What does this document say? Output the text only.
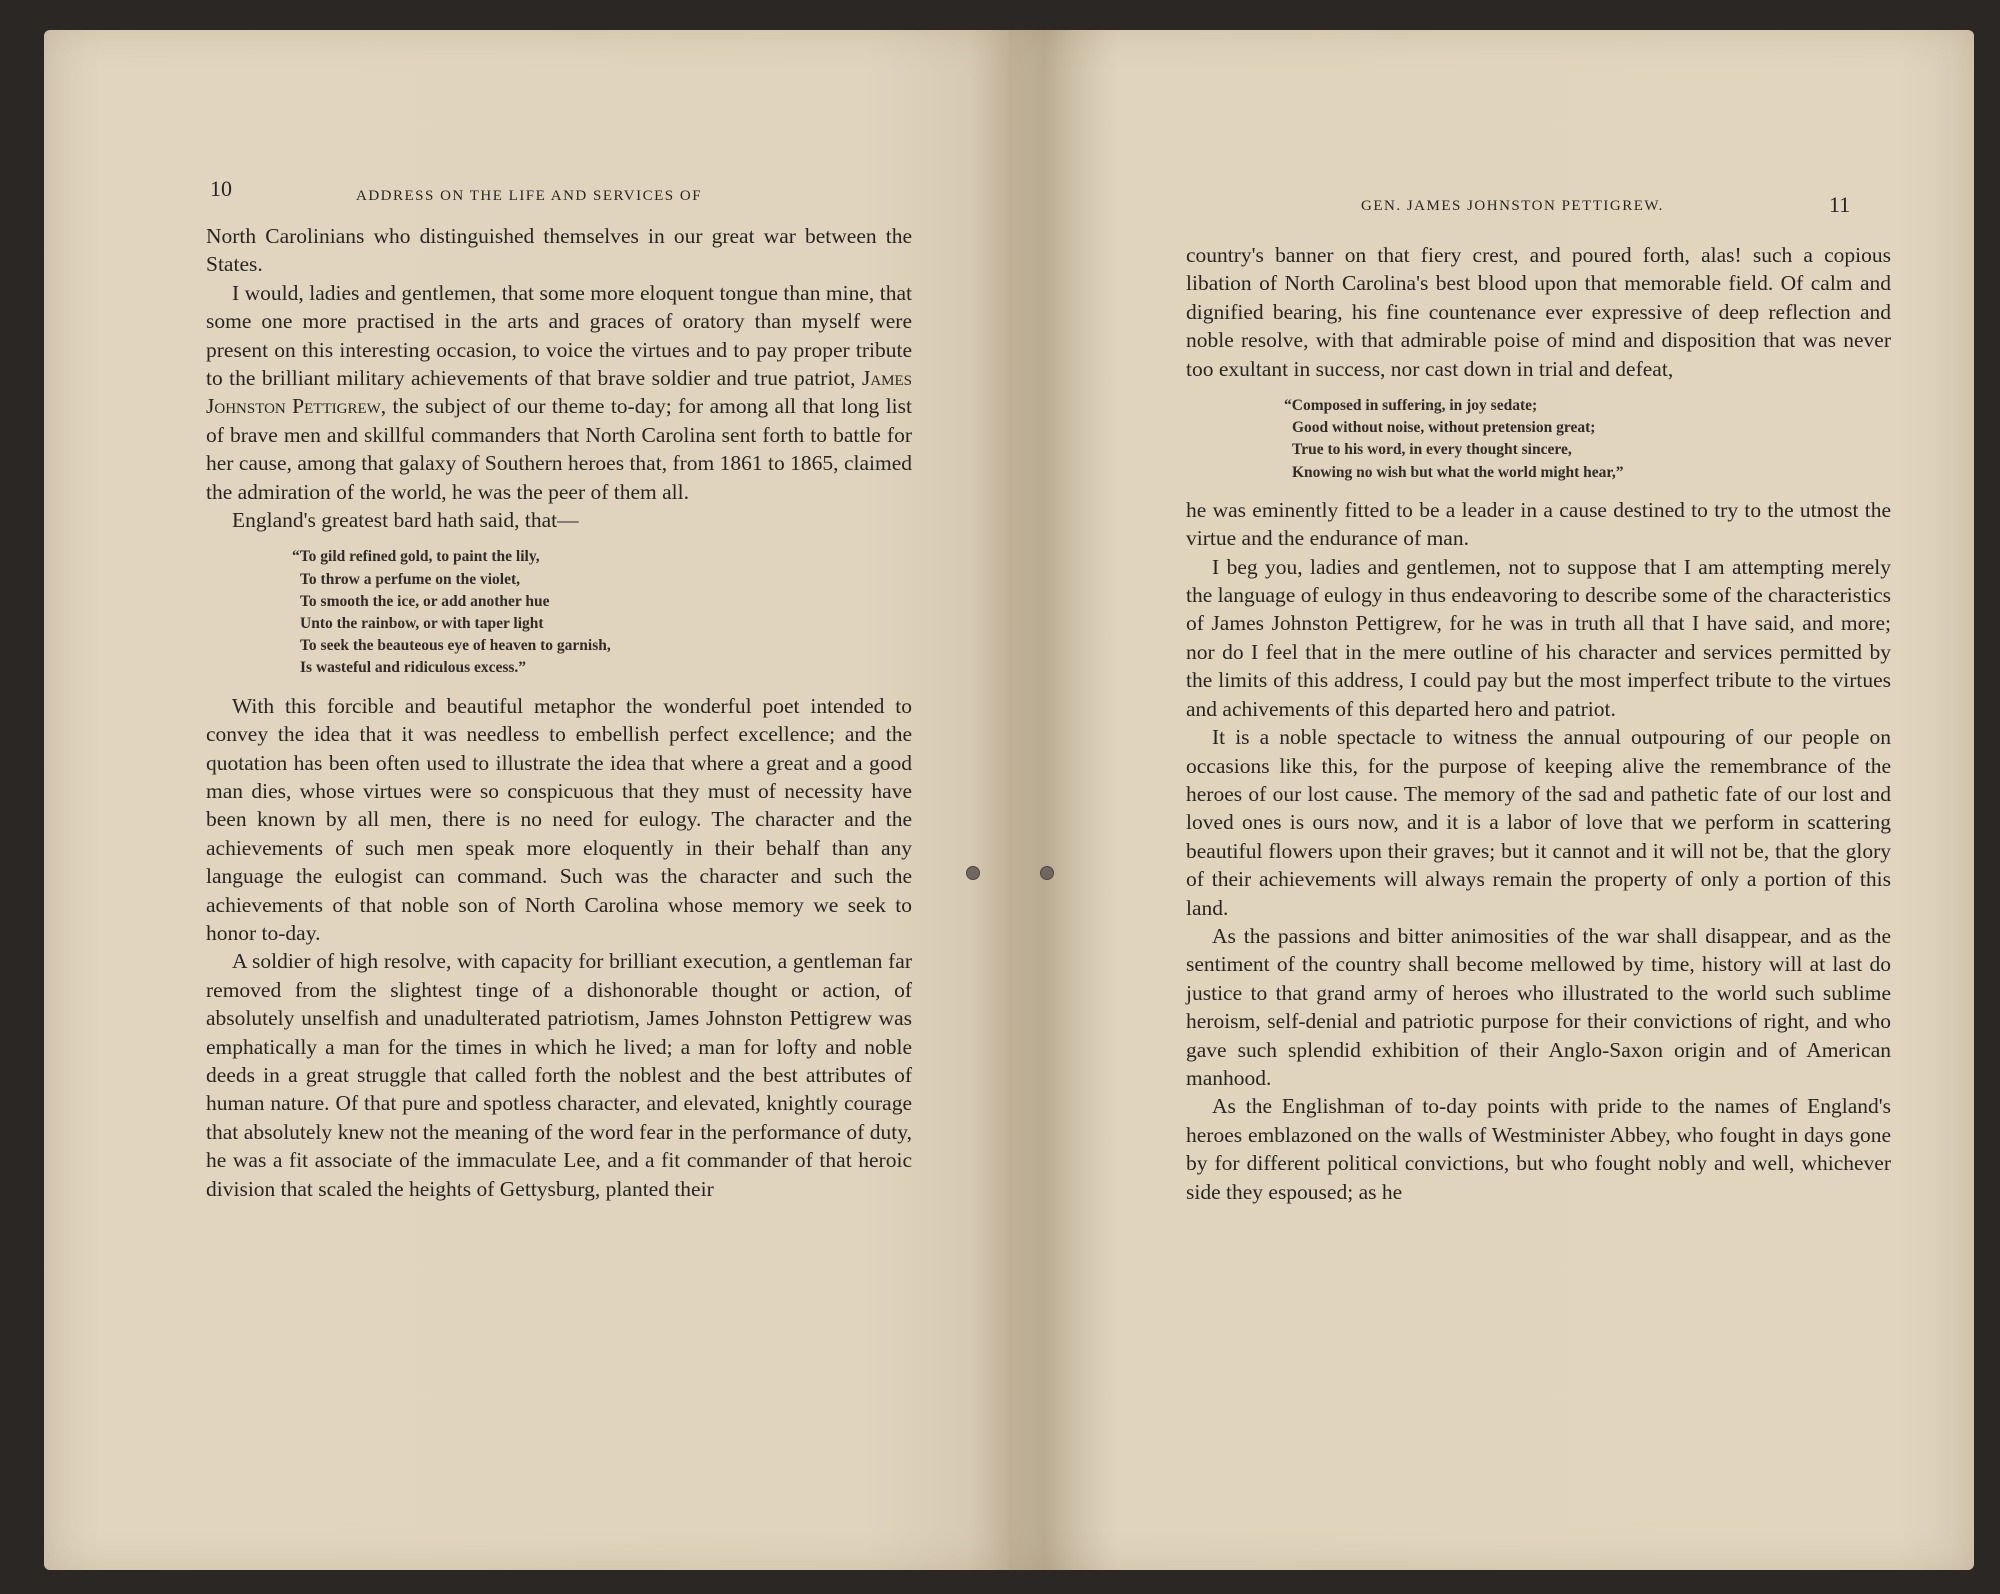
10	ADDRESS ON THE LIFE AND SERVICES OF

North Carolinians who distinguished themselves in our great war between the States.

I would, ladies and gentlemen, that some more eloquent tongue than mine, that some one more practised in the arts and graces of oratory than myself were present on this interesting occasion, to voice the virtues and to pay proper tribute to the brilliant military achievements of that brave soldier and true patriot, James Johnston Pettigrew, the subject of our theme to-day; for among all that long list of brave men and skillful commanders that North Carolina sent forth to battle for her cause, among that galaxy of Southern heroes that, from 1861 to 1865, claimed the admiration of the world, he was the peer of them all.

England's greatest bard hath said, that—

“To gild refined gold, to paint the lily,
To throw a perfume on the violet,
To smooth the ice, or add another hue
Unto the rainbow, or with taper light
To seek the beauteous eye of heaven to garnish,
Is wasteful and ridiculous excess.”

With this forcible and beautiful metaphor the wonderful poet intended to convey the idea that it was needless to embellish perfect excellence; and the quotation has been often used to illustrate the idea that where a great and a good man dies, whose virtues were so conspicuous that they must of necessity have been known by all men, there is no need for eulogy. The character and the achievements of such men speak more eloquently in their behalf than any language the eulogist can command. Such was the character and such the achievements of that noble son of North Carolina whose memory we seek to honor to-day.

A soldier of high resolve, with capacity for brilliant execution, a gentleman far removed from the slightest tinge of a dishonorable thought or action, of absolutely unselfish and unadulterated patriotism, James Johnston Pettigrew was emphatically a man for the times in which he lived; a man for lofty and noble deeds in a great struggle that called forth the noblest and the best attributes of human nature. Of that pure and spotless character, and elevated, knightly courage that absolutely knew not the meaning of the word fear in the performance of duty, he was a fit associate of the immaculate Lee, and a fit commander of that heroic division that scaled the heights of Gettysburg, planted their

GEN. JAMES JOHNSTON PETTIGREW.	11

country's banner on that fiery crest, and poured forth, alas! such a copious libation of North Carolina's best blood upon that memorable field. Of calm and dignified bearing, his fine countenance ever expressive of deep reflection and noble resolve, with that admirable poise of mind and disposition that was never too exultant in success, nor cast down in trial and defeat,

“Composed in suffering, in joy sedate;
Good without noise, without pretension great;
True to his word, in every thought sincere,
Knowing no wish but what the world might hear,”

he was eminently fitted to be a leader in a cause destined to try to the utmost the virtue and the endurance of man.

I beg you, ladies and gentlemen, not to suppose that I am attempting merely the language of eulogy in thus endeavoring to describe some of the characteristics of James Johnston Pettigrew, for he was in truth all that I have said, and more; nor do I feel that in the mere outline of his character and services permitted by the limits of this address, I could pay but the most imperfect tribute to the virtues and achivements of this departed hero and patriot.

It is a noble spectacle to witness the annual outpouring of our people on occasions like this, for the purpose of keeping alive the remembrance of the heroes of our lost cause. The memory of the sad and pathetic fate of our lost and loved ones is ours now, and it is a labor of love that we perform in scattering beautiful flowers upon their graves; but it cannot and it will not be, that the glory of their achievements will always remain the property of only a portion of this land.

As the passions and bitter animosities of the war shall disappear, and as the sentiment of the country shall become mellowed by time, history will at last do justice to that grand army of heroes who illustrated to the world such sublime heroism, self-denial and patriotic purpose for their convictions of right, and who gave such splendid exhibition of their Anglo-Saxon origin and of American manhood.

As the Englishman of to-day points with pride to the names of England's heroes emblazoned on the walls of Westminister Abbey, who fought in days gone by for different political convictions, but who fought nobly and well, whichever side they espoused; as he
